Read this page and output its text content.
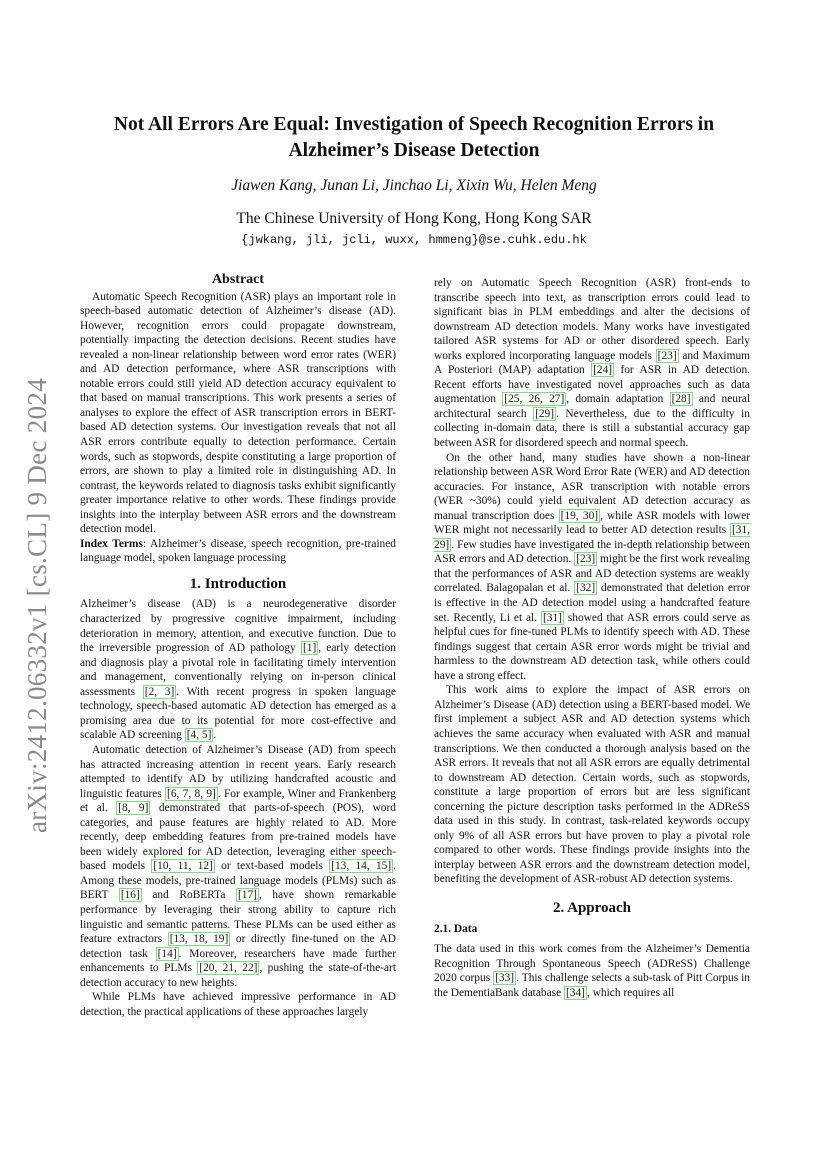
arXiv:2412.06332v1 [cs.CL] 9 Dec 2024
Not All Errors Are Equal: Investigation of Speech Recognition Errors in Alzheimer’s Disease Detection

Jiawen Kang, Junan Li, Jinchao Li, Xixin Wu, Helen Meng

The Chinese University of Hong Kong, Hong Kong SAR

{jwkang, jli, jcli, wuxx, hmmeng}@se.cuhk.edu.hk

Abstract

Automatic Speech Recognition (ASR) plays an important role in speech-based automatic detection of Alzheimer’s disease (AD). However, recognition errors could propagate downstream, potentially impacting the detection decisions. Recent studies have revealed a non-linear relationship between word error rates (WER) and AD detection performance, where ASR transcriptions with notable errors could still yield AD detection accuracy equivalent to that based on manual transcriptions. This work presents a series of analyses to explore the effect of ASR transcription errors in BERT-based AD detection systems. Our investigation reveals that not all ASR errors contribute equally to detection performance. Certain words, such as stopwords, despite constituting a large proportion of errors, are shown to play a limited role in distinguishing AD. In contrast, the keywords related to diagnosis tasks exhibit significantly greater importance relative to other words. These findings provide insights into the interplay between ASR errors and the downstream detection model.

Index Terms: Alzheimer’s disease, speech recognition, pre-trained language model, spoken language processing

1. Introduction

Alzheimer’s disease (AD) is a neurodegenerative disorder characterized by progressive cognitive impairment, including deterioration in memory, attention, and executive function. Due to the irreversible progression of AD pathology [1] , early detection and diagnosis play a pivotal role in facilitating timely intervention and management, conventionally relying on in-person clinical assessments [2, 3] . With recent progress in spoken language technology, speech-based automatic AD detection has emerged as a promising area due to its potential for more cost-effective and scalable AD screening [4, 5] .

Automatic detection of Alzheimer’s Disease (AD) from speech has attracted increasing attention in recent years. Early research attempted to identify AD by utilizing handcrafted acoustic and linguistic features [6, 7, 8, 9] . For example, Winer and Frankenberg et al. [8, 9] demonstrated that parts-of-speech (POS), word categories, and pause features are highly related to AD. More recently, deep embedding features from pre-trained models have been widely explored for AD detection, leveraging either speech-based models [10, 11, 12] or text-based models [13, 14, 15] . Among these models, pre-trained language models (PLMs) such as BERT [16] and RoBERTa [17] , have shown remarkable performance by leveraging their strong ability to capture rich linguistic and semantic patterns. These PLMs can be used either as feature extractors [13, 18, 19] or directly fine-tuned on the AD detection task [14] . Moreover, researchers have made further enhancements to PLMs [20, 21, 22] , pushing the state-of-the-art detection accuracy to new heights.

While PLMs have achieved impressive performance in AD detection, the practical applications of these approaches largely

rely on Automatic Speech Recognition (ASR) front-ends to transcribe speech into text, as transcription errors could lead to significant bias in PLM embeddings and alter the decisions of downstream AD detection models. Many works have investigated tailored ASR systems for AD or other disordered speech. Early works explored incorporating language models [23] and Maximum A Posteriori (MAP) adaptation [24] for ASR in AD detection. Recent efforts have investigated novel approaches such as data augmentation [25, 26, 27] , domain adaptation [28] and neural architectural search [29] . Nevertheless, due to the difficulty in collecting in-domain data, there is still a substantial accuracy gap between ASR for disordered speech and normal speech.

On the other hand, many studies have shown a non-linear relationship between ASR Word Error Rate (WER) and AD detection accuracies. For instance, ASR transcription with notable errors (WER ~30%) could yield equivalent AD detection accuracy as manual transcription does [19, 30] , while ASR models with lower WER might not necessarily lead to better AD detection results [31, 29] . Few studies have investigated the in-depth relationship between ASR errors and AD detection. [23] might be the first work revealing that the performances of ASR and AD detection systems are weakly correlated. Balagopalan et al. [32] demonstrated that deletion error is effective in the AD detection model using a handcrafted feature set. Recently, Li et al. [31] showed that ASR errors could serve as helpful cues for fine-tuned PLMs to identify speech with AD. These findings suggest that certain ASR error words might be trivial and harmless to the downstream AD detection task, while others could have a strong effect.

This work aims to explore the impact of ASR errors on Alzheimer’s Disease (AD) detection using a BERT-based model. We first implement a subject ASR and AD detection systems which achieves the same accuracy when evaluated with ASR and manual transcriptions. We then conducted a thorough analysis based on the ASR errors. It reveals that not all ASR errors are equally detrimental to downstream AD detection. Certain words, such as stopwords, constitute a large proportion of errors but are less significant concerning the picture description tasks performed in the ADReSS data used in this study. In contrast, task-related keywords occupy only 9% of all ASR errors but have proven to play a pivotal role compared to other words. These findings provide insights into the interplay between ASR errors and the downstream detection model, benefiting the development of ASR-robust AD detection systems.

2. Approach
2.1. Data

The data used in this work comes from the Alzheimer’s Dementia Recognition Through Spontaneous Speech (ADReSS) Challenge 2020 corpus [33] . This challenge selects a sub-task of Pitt Corpus in the DementiaBank database [34] , which requires all
